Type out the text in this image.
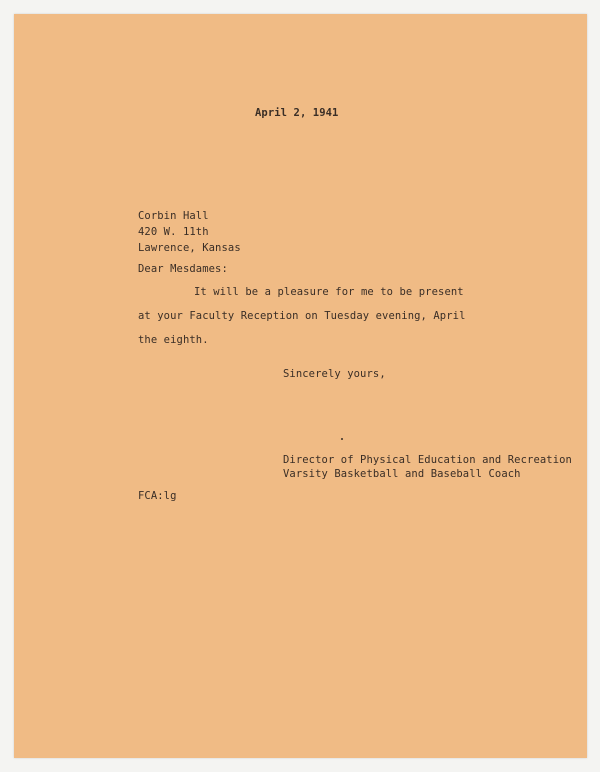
April 2, 1941

Corbin Hall

420 W. 11th

Lawrence, Kansas

Dear Mesdames:

It will be a pleasure for me to be present

at your Faculty Reception on Tuesday evening, April

the eighth.

Sincerely yours,

Director of Physical Education and Recreation

Varsity Basketball and Baseball Coach

FCA:lg
